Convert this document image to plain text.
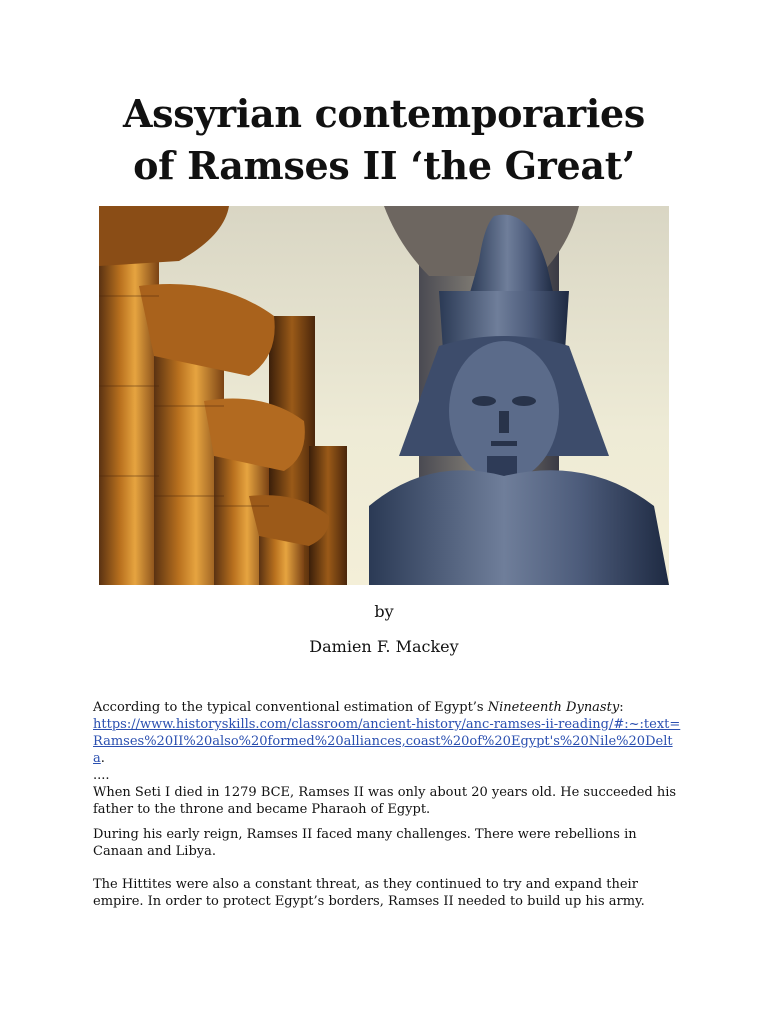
Assyrian contemporaries
of Ramses II ‘the Great’
by
Damien F. Mackey

According to the typical conventional estimation of Egypt’s Nineteenth Dynasty:
https://www.historyskills.com/classroom/ancient-history/anc-ramses-ii-reading/#:~:text=Ramses%20II%20also%20formed%20alliances,coast%20of%20Egypt's%20Nile%20Delta.

....

When Seti I died in 1279 BCE, Ramses II was only about 20 years old. He succeeded his father to the throne and became Pharaoh of Egypt.

During his early reign, Ramses II faced many challenges. There were rebellions in Canaan and Libya.

The Hittites were also a constant threat, as they continued to try and expand their empire. In order to protect Egypt’s borders, Ramses II needed to build up his army.
